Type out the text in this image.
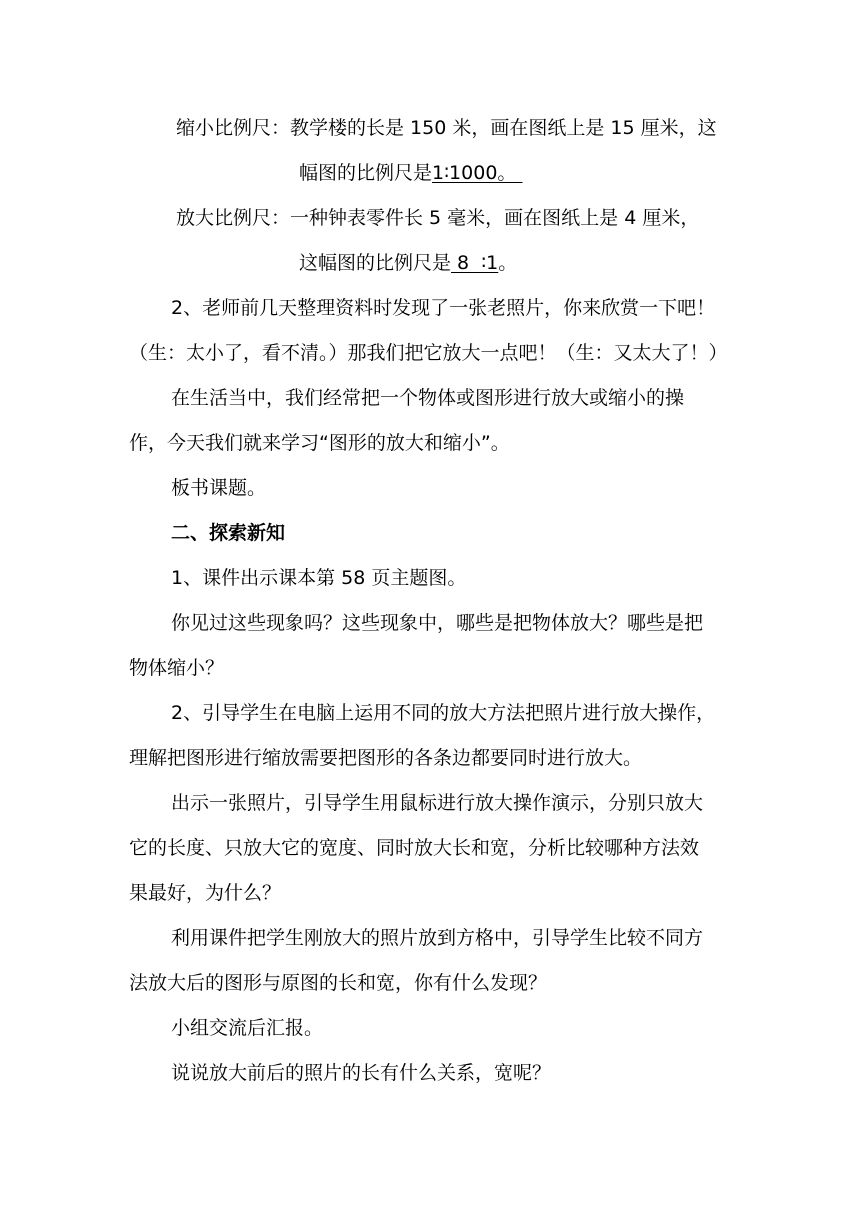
缩小比例尺：教学楼的长是 150 米，画在图纸上是 15 厘米，这
幅图的比例尺是1∶1000。
放大比例尺：一种钟表零件长 5 毫米，画在图纸上是 4 厘米，
这幅图的比例尺是 8  ∶1。
2、老师前几天整理资料时发现了一张老照片，你来欣赏一下吧！
（生：太小了，看不清。）那我们把它放大一点吧！（生：又太大了！）
在生活当中，我们经常把一个物体或图形进行放大或缩小的操
作，今天我们就来学习“图形的放大和缩小”。
板书课题。
二、探索新知
1、课件出示课本第 58 页主题图。
你见过这些现象吗？这些现象中，哪些是把物体放大？哪些是把
物体缩小？
2、引导学生在电脑上运用不同的放大方法把照片进行放大操作，
理解把图形进行缩放需要把图形的各条边都要同时进行放大。
出示一张照片，引导学生用鼠标进行放大操作演示，分别只放大
它的长度、只放大它的宽度、同时放大长和宽，分析比较哪种方法效
果最好，为什么？
利用课件把学生刚放大的照片放到方格中，引导学生比较不同方
法放大后的图形与原图的长和宽，你有什么发现？
小组交流后汇报。
说说放大前后的照片的长有什么关系，宽呢？
